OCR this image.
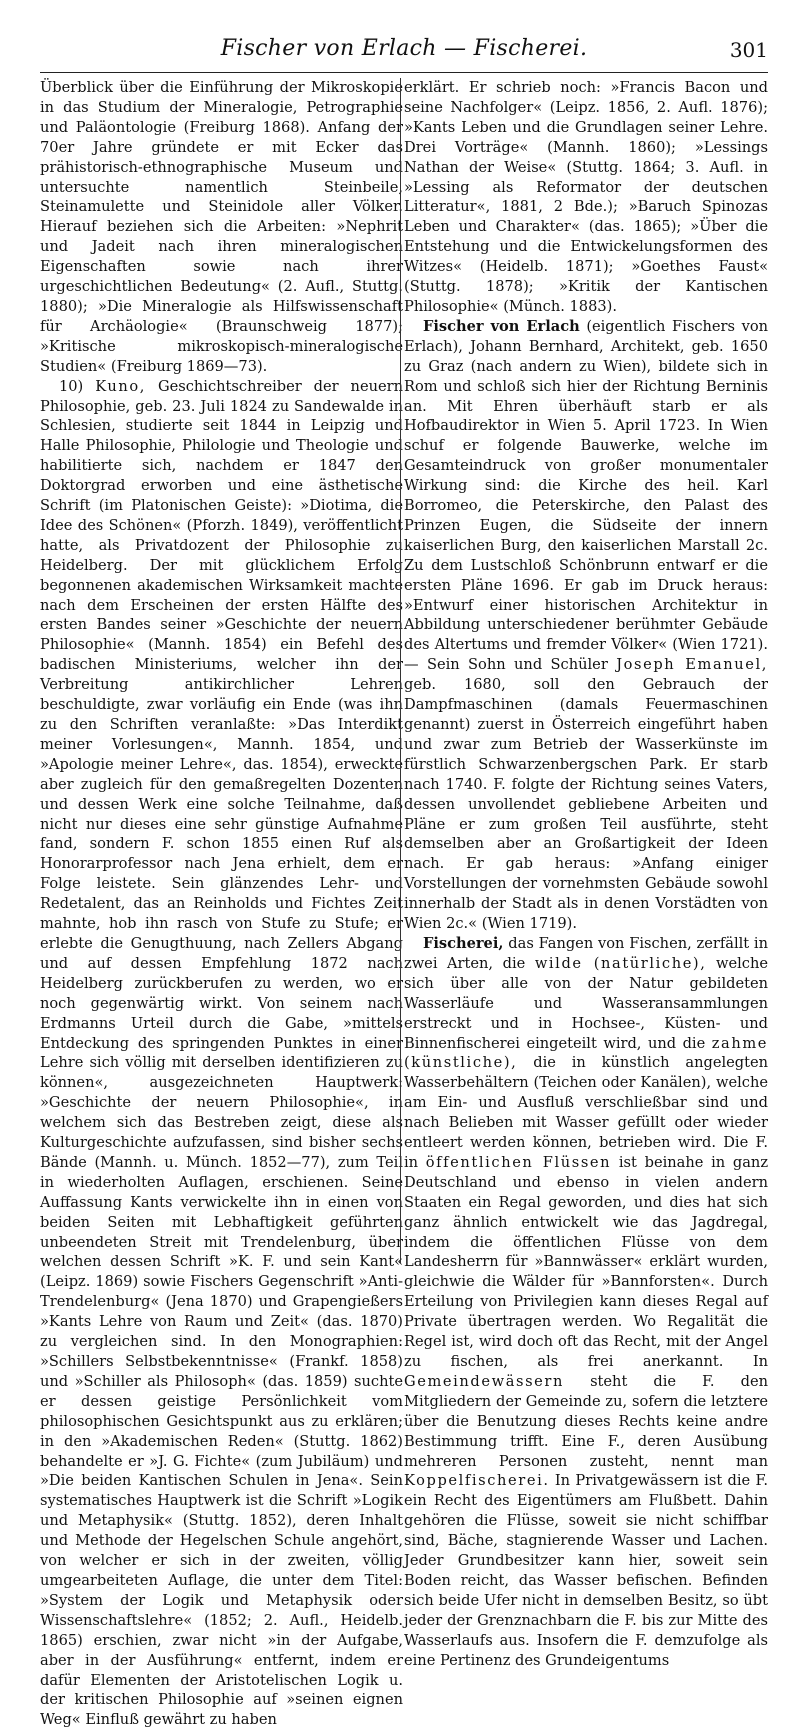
Fischer von Erlach — Fischerei.	301

Überblick über die Einführung der Mikroskopie in das Studium der Mineralogie, Petrographie und Paläontologie (Freiburg 1868). Anfang der 70er Jahre gründete er mit Ecker das prähistorisch-ethnographische Museum und untersuchte namentlich Steinbeile, Steinamulette und Steinidole aller Völker. Hierauf beziehen sich die Arbeiten: »Nephrit und Jadeit nach ihren mineralogischen Eigenschaften sowie nach ihrer urgeschichtlichen Bedeutung« (2. Aufl., Stuttg. 1880); »Die Mineralogie als Hilfswissenschaft für Archäologie« (Braunschweig 1877); »Kritische mikroskopisch-mineralogische Studien« (Freiburg 1869—73).

10) Kuno, Geschichtschreiber der neuern Philosophie, geb. 23. Juli 1824 zu Sandewalde in Schlesien, studierte seit 1844 in Leipzig und Halle Philosophie, Philologie und Theologie und habilitierte sich, nachdem er 1847 den Doktorgrad erworben und eine ästhetische Schrift (im Platonischen Geiste): »Diotima, die Idee des Schönen« (Pforzh. 1849), veröffentlicht hatte, als Privatdozent der Philosophie zu Heidelberg. Der mit glücklichem Erfolg begonnenen akademischen Wirksamkeit machte nach dem Erscheinen der ersten Hälfte des ersten Bandes seiner »Geschichte der neuern Philosophie« (Mannh. 1854) ein Befehl des badischen Ministeriums, welcher ihn der Verbreitung antikirchlicher Lehren beschuldigte, zwar vorläufig ein Ende (was ihn zu den Schriften veranlaßte: »Das Interdikt meiner Vorlesungen«, Mannh. 1854, und »Apologie meiner Lehre«, das. 1854), erweckte aber zugleich für den gemaßregelten Dozenten und dessen Werk eine solche Teilnahme, daß nicht nur dieses eine sehr günstige Aufnahme fand, sondern F. schon 1855 einen Ruf als Honorarprofessor nach Jena erhielt, dem er Folge leistete. Sein glänzendes Lehr- und Redetalent, das an Reinholds und Fichtes Zeit mahnte, hob ihn rasch von Stufe zu Stufe; er erlebte die Genugthuung, nach Zellers Abgang und auf dessen Empfehlung 1872 nach Heidelberg zurückberufen zu werden, wo er noch gegenwärtig wirkt. Von seinem nach Erdmanns Urteil durch die Gabe, »mittels Entdeckung des springenden Punktes in einer Lehre sich völlig mit derselben identifizieren zu können«, ausgezeichneten Hauptwerk: »Geschichte der neuern Philosophie«, in welchem sich das Bestreben zeigt, diese als Kulturgeschichte aufzufassen, sind bisher sechs Bände (Mannh. u. Münch. 1852—77), zum Teil in wiederholten Auflagen, erschienen. Seine Auffassung Kants verwickelte ihn in einen von beiden Seiten mit Lebhaftigkeit geführten unbeendeten Streit mit Trendelenburg, über welchen dessen Schrift »K. F. und sein Kant« (Leipz. 1869) sowie Fischers Gegenschrift »Anti-Trendelenburg« (Jena 1870) und Grapengießers »Kants Lehre von Raum und Zeit« (das. 1870) zu vergleichen sind. In den Monographien: »Schillers Selbstbekenntnisse« (Frankf. 1858) und »Schiller als Philosoph« (das. 1859) suchte er dessen geistige Persönlichkeit vom philosophischen Gesichtspunkt aus zu erklären; in den »Akademischen Reden« (Stuttg. 1862) behandelte er »J. G. Fichte« (zum Jubiläum) und »Die beiden Kantischen Schulen in Jena«. Sein systematisches Hauptwerk ist die Schrift »Logik und Metaphysik« (Stuttg. 1852), deren Inhalt und Methode der Hegelschen Schule angehört, von welcher er sich in der zweiten, völlig umgearbeiteten Auflage, die unter dem Titel: »System der Logik und Metaphysik oder Wissenschaftslehre« (1852; 2. Aufl., Heidelb. 1865) erschien, zwar nicht »in der Aufgabe, aber in der Ausführung« entfernt, indem er dafür Elementen der Aristotelischen Logik u. der kritischen Philosophie auf »seinen eignen Weg« Einfluß gewährt zu haben

erklärt. Er schrieb noch: »Francis Bacon und seine Nachfolger« (Leipz. 1856, 2. Aufl. 1876); »Kants Leben und die Grundlagen seiner Lehre. Drei Vorträge« (Mannh. 1860); »Lessings Nathan der Weise« (Stuttg. 1864; 3. Aufl. in »Lessing als Reformator der deutschen Litteratur«, 1881, 2 Bde.); »Baruch Spinozas Leben und Charakter« (das. 1865); »Über die Entstehung und die Entwickelungsformen des Witzes« (Heidelb. 1871); »Goethes Faust« (Stuttg. 1878); »Kritik der Kantischen Philosophie« (Münch. 1883).

Fischer von Erlach (eigentlich Fischers von Erlach), Johann Bernhard, Architekt, geb. 1650 zu Graz (nach andern zu Wien), bildete sich in Rom und schloß sich hier der Richtung Berninis an. Mit Ehren überhäuft starb er als Hofbaudirektor in Wien 5. April 1723. In Wien schuf er folgende Bauwerke, welche im Gesamteindruck von großer monumentaler Wirkung sind: die Kirche des heil. Karl Borromeo, die Peterskirche, den Palast des Prinzen Eugen, die Südseite der innern kaiserlichen Burg, den kaiserlichen Marstall 2c. Zu dem Lustschloß Schönbrunn entwarf er die ersten Pläne 1696. Er gab im Druck heraus: »Entwurf einer historischen Architektur in Abbildung unterschiedener berühmter Gebäude des Altertums und fremder Völker« (Wien 1721). — Sein Sohn und Schüler Joseph Emanuel, geb. 1680, soll den Gebrauch der Dampfmaschinen (damals Feuermaschinen genannt) zuerst in Österreich eingeführt haben und zwar zum Betrieb der Wasserkünste im fürstlich Schwarzenbergschen Park. Er starb nach 1740. F. folgte der Richtung seines Vaters, dessen unvollendet gebliebene Arbeiten und Pläne er zum großen Teil ausführte, steht demselben aber an Großartigkeit der Ideen nach. Er gab heraus: »Anfang einiger Vorstellungen der vornehmsten Gebäude sowohl innerhalb der Stadt als in denen Vorstädten von Wien 2c.« (Wien 1719).

Fischerei, das Fangen von Fischen, zerfällt in zwei Arten, die wilde (natürliche), welche sich über alle von der Natur gebildeten Wasserläufe und Wasseransammlungen erstreckt und in Hochsee-, Küsten- und Binnenfischerei eingeteilt wird, und die zahme (künstliche), die in künstlich angelegten Wasserbehältern (Teichen oder Kanälen), welche am Ein- und Ausfluß verschließbar sind und nach Belieben mit Wasser gefüllt oder wieder entleert werden können, betrieben wird. Die F. in öffentlichen Flüssen ist beinahe in ganz Deutschland und ebenso in vielen andern Staaten ein Regal geworden, und dies hat sich ganz ähnlich entwickelt wie das Jagdregal, indem die öffentlichen Flüsse von dem Landesherrn für »Bannwässer« erklärt wurden, gleichwie die Wälder für »Bannforsten«. Durch Erteilung von Privilegien kann dieses Regal auf Private übertragen werden. Wo Regalität die Regel ist, wird doch oft das Recht, mit der Angel zu fischen, als frei anerkannt. In Gemeindewässern steht die F. den Mitgliedern der Gemeinde zu, sofern die letztere über die Benutzung dieses Rechts keine andre Bestimmung trifft. Eine F., deren Ausübung mehreren Personen zusteht, nennt man Koppelfischerei. In Privatgewässern ist die F. ein Recht des Eigentümers am Flußbett. Dahin gehören die Flüsse, soweit sie nicht schiffbar sind, Bäche, stagnierende Wasser und Lachen. Jeder Grundbesitzer kann hier, soweit sein Boden reicht, das Wasser befischen. Befinden sich beide Ufer nicht in demselben Besitz, so übt jeder der Grenznachbarn die F. bis zur Mitte des Wasserlaufs aus. Insofern die F. demzufolge als eine Pertinenz des Grundeigentums
